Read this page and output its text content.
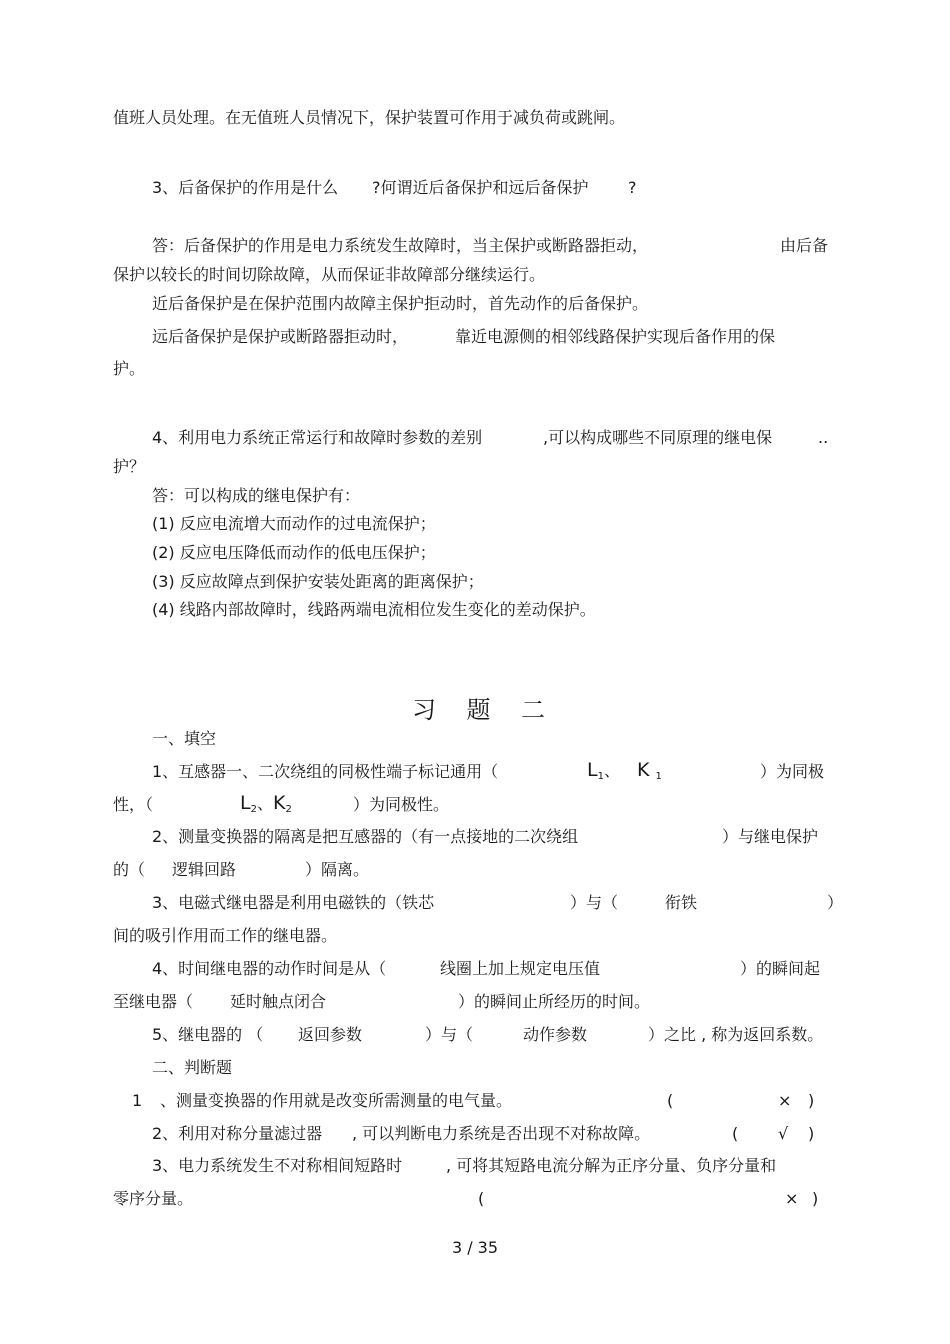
值班人员处理。在无值班人员情况下，保护装置可作用于减负荷或跳闸。
3、后备保护的作用是什么 ?何谓近后备保护和远后备保护 ?
答：后备保护的作用是电力系统发生故障时，当主保护或断路器拒动，	由后备
保护以较长的时间切除故障，从而保证非故障部分继续运行。
近后备保护是在保护范围内故障主保护拒动时，首先动作的后备保护。
远后备保护是保护或断路器拒动时，	靠近电源侧的相邻线路保护实现后备作用的保
护。
4、利用电力系统正常运行和故障时参数的差别	,可以构成哪些不同原理的继电保	..
护？
答：可以构成的继电保护有：
(1) 反应电流增大而动作的过电流保护；
(2) 反应电压降低而动作的低电压保护；
(3) 反应故障点到保护安装处距离的距离保护；
(4) 线路内部故障时，线路两端电流相位发生变化的差动保护。
习    题    二
一、填空
1、互感器一、二次绕组的同极性端子标记通用（	$L_1$、 K $_1$	）为同极
性，（	$L_2$、$K_2$	）为同极性。
2、测量变换器的隔离是把互感器的（有一点接地的二次绕组	）与继电保护
的（ 逻辑回路	）隔离。
3、电磁式继电器是利用电磁铁的（铁芯	）与（	衔铁	）
间的吸引作用而工作的继电器。
4、时间继电器的动作时间是从（	线圈上加上规定电压值	）的瞬间起
至继电器（ 延时触点闭合	）的瞬间止所经历的时间。
5、继电器的 （ 返回参数	）与（	动作参数	）之比 , 称为返回系数。
二、判断题
1 、测量变换器的作用就是改变所需测量的电气量。	(	× )
2、利用对称分量滤过器 , 可以判断电力系统是否出现不对称故障。	( √ )
3、电力系统发生不对称相间短路时	, 可将其短路电流分解为正序分量、负序分量和
零序分量。	(	× )
3 / 35
